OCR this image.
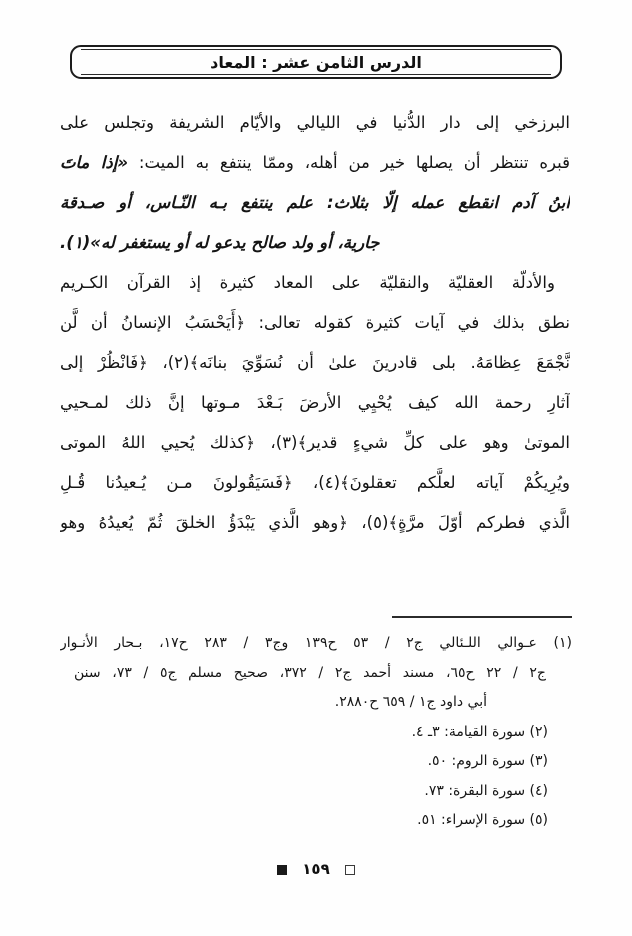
الدرس الثامن عشر : المعاد
البرزخي إلى دار الدُّنيا في الليالي والأيّام الشريفة وتجلس على
قبره تنتظر أن يصلها خير من أهله، وممّا ينتفع به الميت: «إذا ماتَ
ابنُ آدم انقطع عمله إلّا بثلاث: علم ينتفع بـه النّـاس، أو صـدقة
جارية، أو ولد صالح يدعو له أو يستغفر له»(١).
والأدلّة العقليّة والنقليّة على المعاد كثيرة إذ القرآن الكـريم
نطق بذلك في آيات كثيرة كقوله تعالى: ﴿أَيَحْسَبُ الإنسانُ أن لَّن
نَّجْمَعَ عِظامَهُ. بلى قادرينَ علىٰ أن نُسَوِّيَ بنانَه﴾(٢)، ﴿فَانْظُرْ إلى
آثارِ رحمة الله كيف يُحْيِي الأرضَ بَـعْدَ مـوتها إنَّ ذلك لمـحيي
الموتىٰ وهو على كلِّ شيءٍ قدير﴾(٣)، ﴿كذلك يُحيي اللهُ الموتى
ويُرِيكُمْ آياته لعلَّكم تعقلونَ﴾(٤)، ﴿فَسَيَقُولونَ مـن يُـعيدُنا قُـلِ
الَّذي فطركم أوّلَ مرَّةٍ﴾(٥)، ﴿وهو الَّذي يَبْدَؤُ الخلقَ ثُمّ يُعيدُهُ وهو
(١) عـوالي اللـئالي ج٢ / ٥٣ ح١٣٩ وج٣ / ٢٨٣ ح١٧، بـحار الأنـوار
ج٢ / ٢٢ ح٦٥، مسند أحمد ج٢ / ٣٧٢، صحيح مسلم ج٥ / ٧٣، سنن
أبي داود ج١ / ٦٥٩ ح٢٨٨٠.
(٢) سورة القيامة: ٣ـ ٤.
(٣) سورة الروم: ٥٠.
(٤) سورة البقرة: ٧٣.
(٥) سورة الإسراء: ٥١.
١٥٩
